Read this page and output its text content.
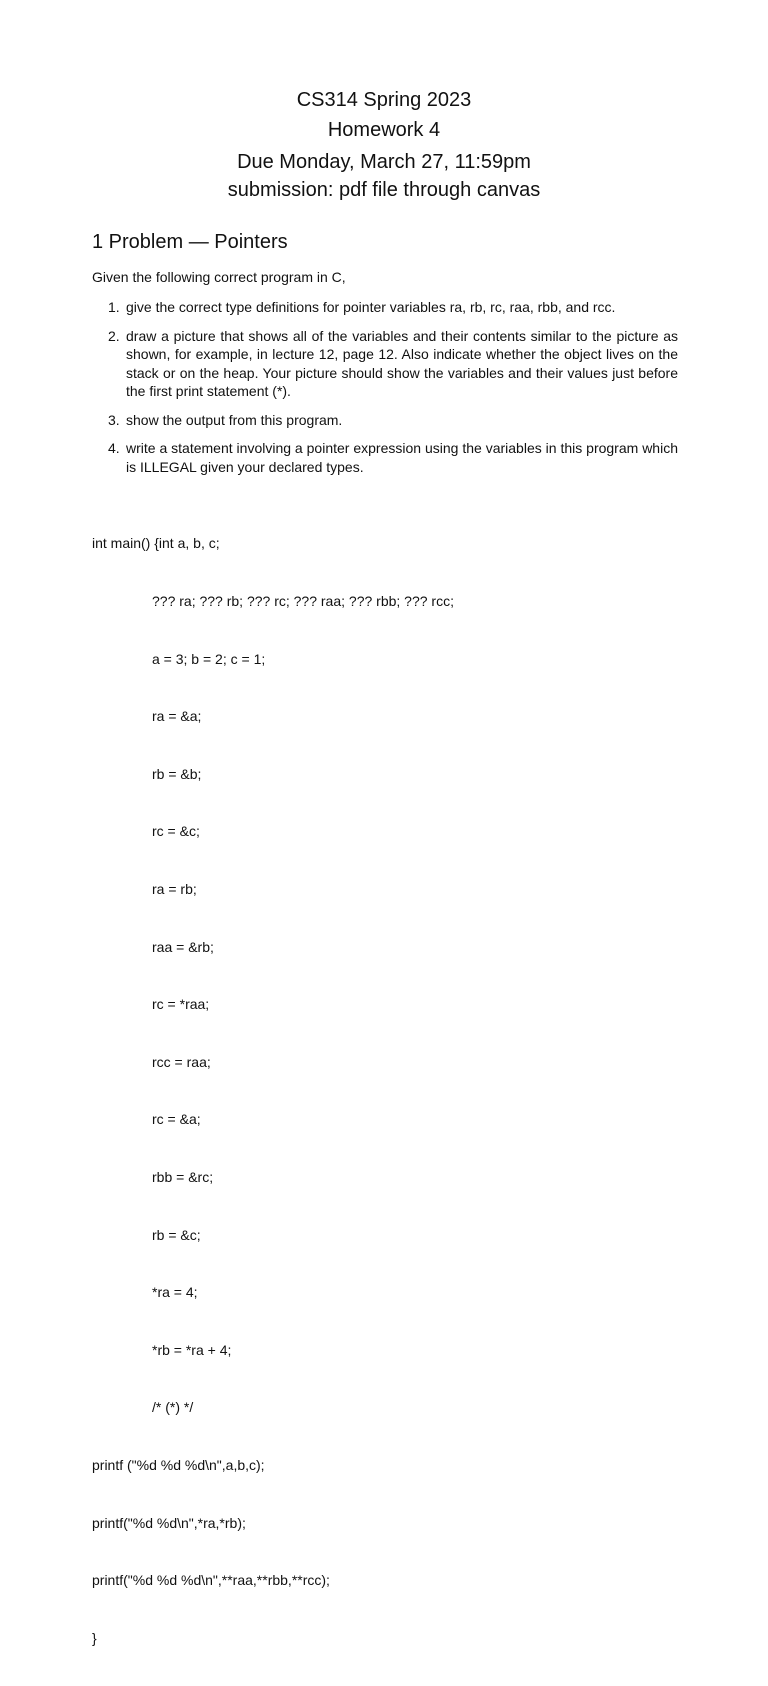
CS314 Spring 2023
Homework 4
Due Monday, March 27, 11:59pm
submission: pdf file through canvas
1 Problem — Pointers
Given the following correct program in C,
1. give the correct type definitions for pointer variables ra, rb, rc, raa, rbb, and rcc.
2. draw a picture that shows all of the variables and their contents similar to the picture as shown, for example, in lecture 12, page 12. Also indicate whether the object lives on the stack or on the heap. Your picture should show the variables and their values just before the first print statement (*).
3. show the output from this program.
4. write a statement involving a pointer expression using the variables in this program which is ILLEGAL given your declared types.

int main() {int a, b, c;

??? ra; ??? rb; ??? rc; ??? raa; ??? rbb; ??? rcc;

a = 3; b = 2; c = 1;

ra = &a;

rb = &b;

rc = &c;

ra = rb;

raa = &rb;

rc = *raa;

rcc = raa;

rc = &a;

rbb = &rc;

rb = &c;

*ra = 4;

*rb = *ra + 4;

/* (*) */

printf ("%d %d %d\n",a,b,c);

printf("%d %d\n",*ra,*rb);

printf("%d %d %d\n",**raa,**rbb,**rcc);

}
